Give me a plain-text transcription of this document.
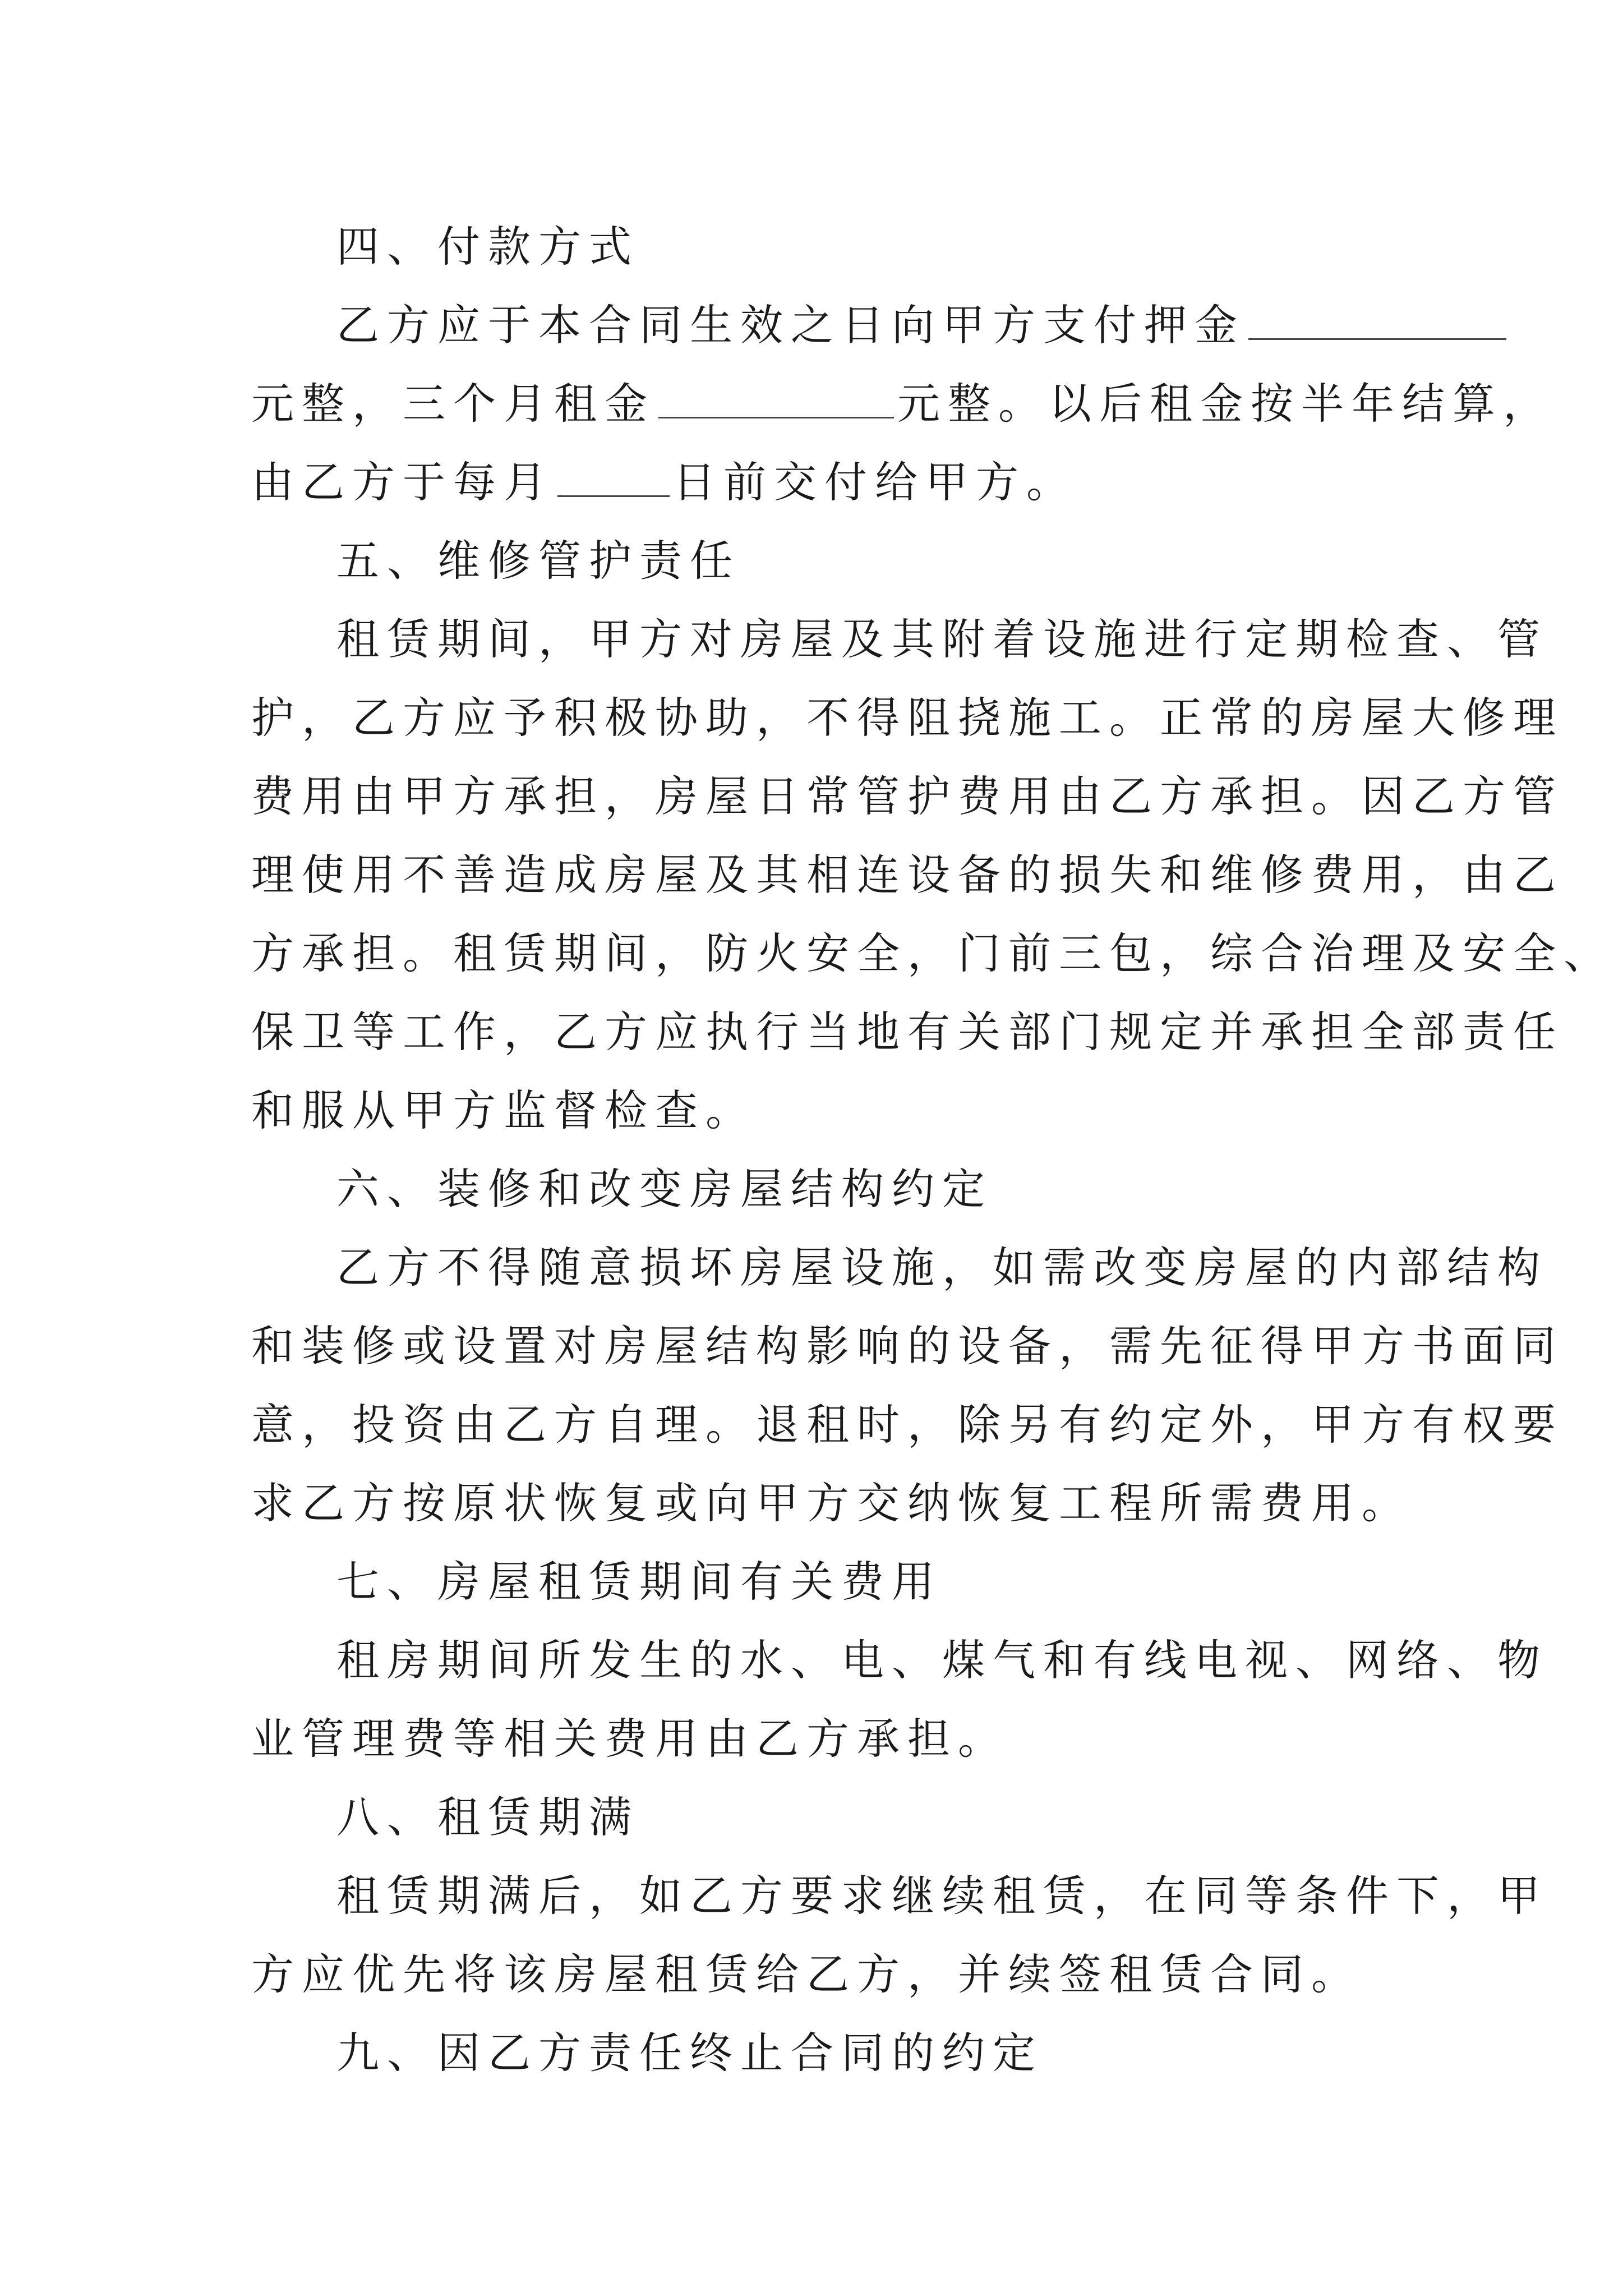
四、付款方式
乙方应于本合同生效之日向甲方支付押金
元整，三个月租金	元整。以后租金按半年结算，
由乙方于每月	日前交付给甲方。
五、维修管护责任
租赁期间，甲方对房屋及其附着设施进行定期检查、管
护，乙方应予积极协助，不得阻挠施工。正常的房屋大修理
费用由甲方承担，房屋日常管护费用由乙方承担。因乙方管
理使用不善造成房屋及其相连设备的损失和维修费用，由乙
方承担。租赁期间，防火安全，门前三包，综合治理及安全、
保卫等工作，乙方应执行当地有关部门规定并承担全部责任
和服从甲方监督检查。
六、装修和改变房屋结构约定
乙方不得随意损坏房屋设施，如需改变房屋的内部结构
和装修或设置对房屋结构影响的设备，需先征得甲方书面同
意，投资由乙方自理。退租时，除另有约定外，甲方有权要
求乙方按原状恢复或向甲方交纳恢复工程所需费用。
七、房屋租赁期间有关费用
租房期间所发生的水、电、煤气和有线电视、网络、物
业管理费等相关费用由乙方承担。
八、租赁期满
租赁期满后，如乙方要求继续租赁，在同等条件下，甲
方应优先将该房屋租赁给乙方，并续签租赁合同。
九、因乙方责任终止合同的约定
